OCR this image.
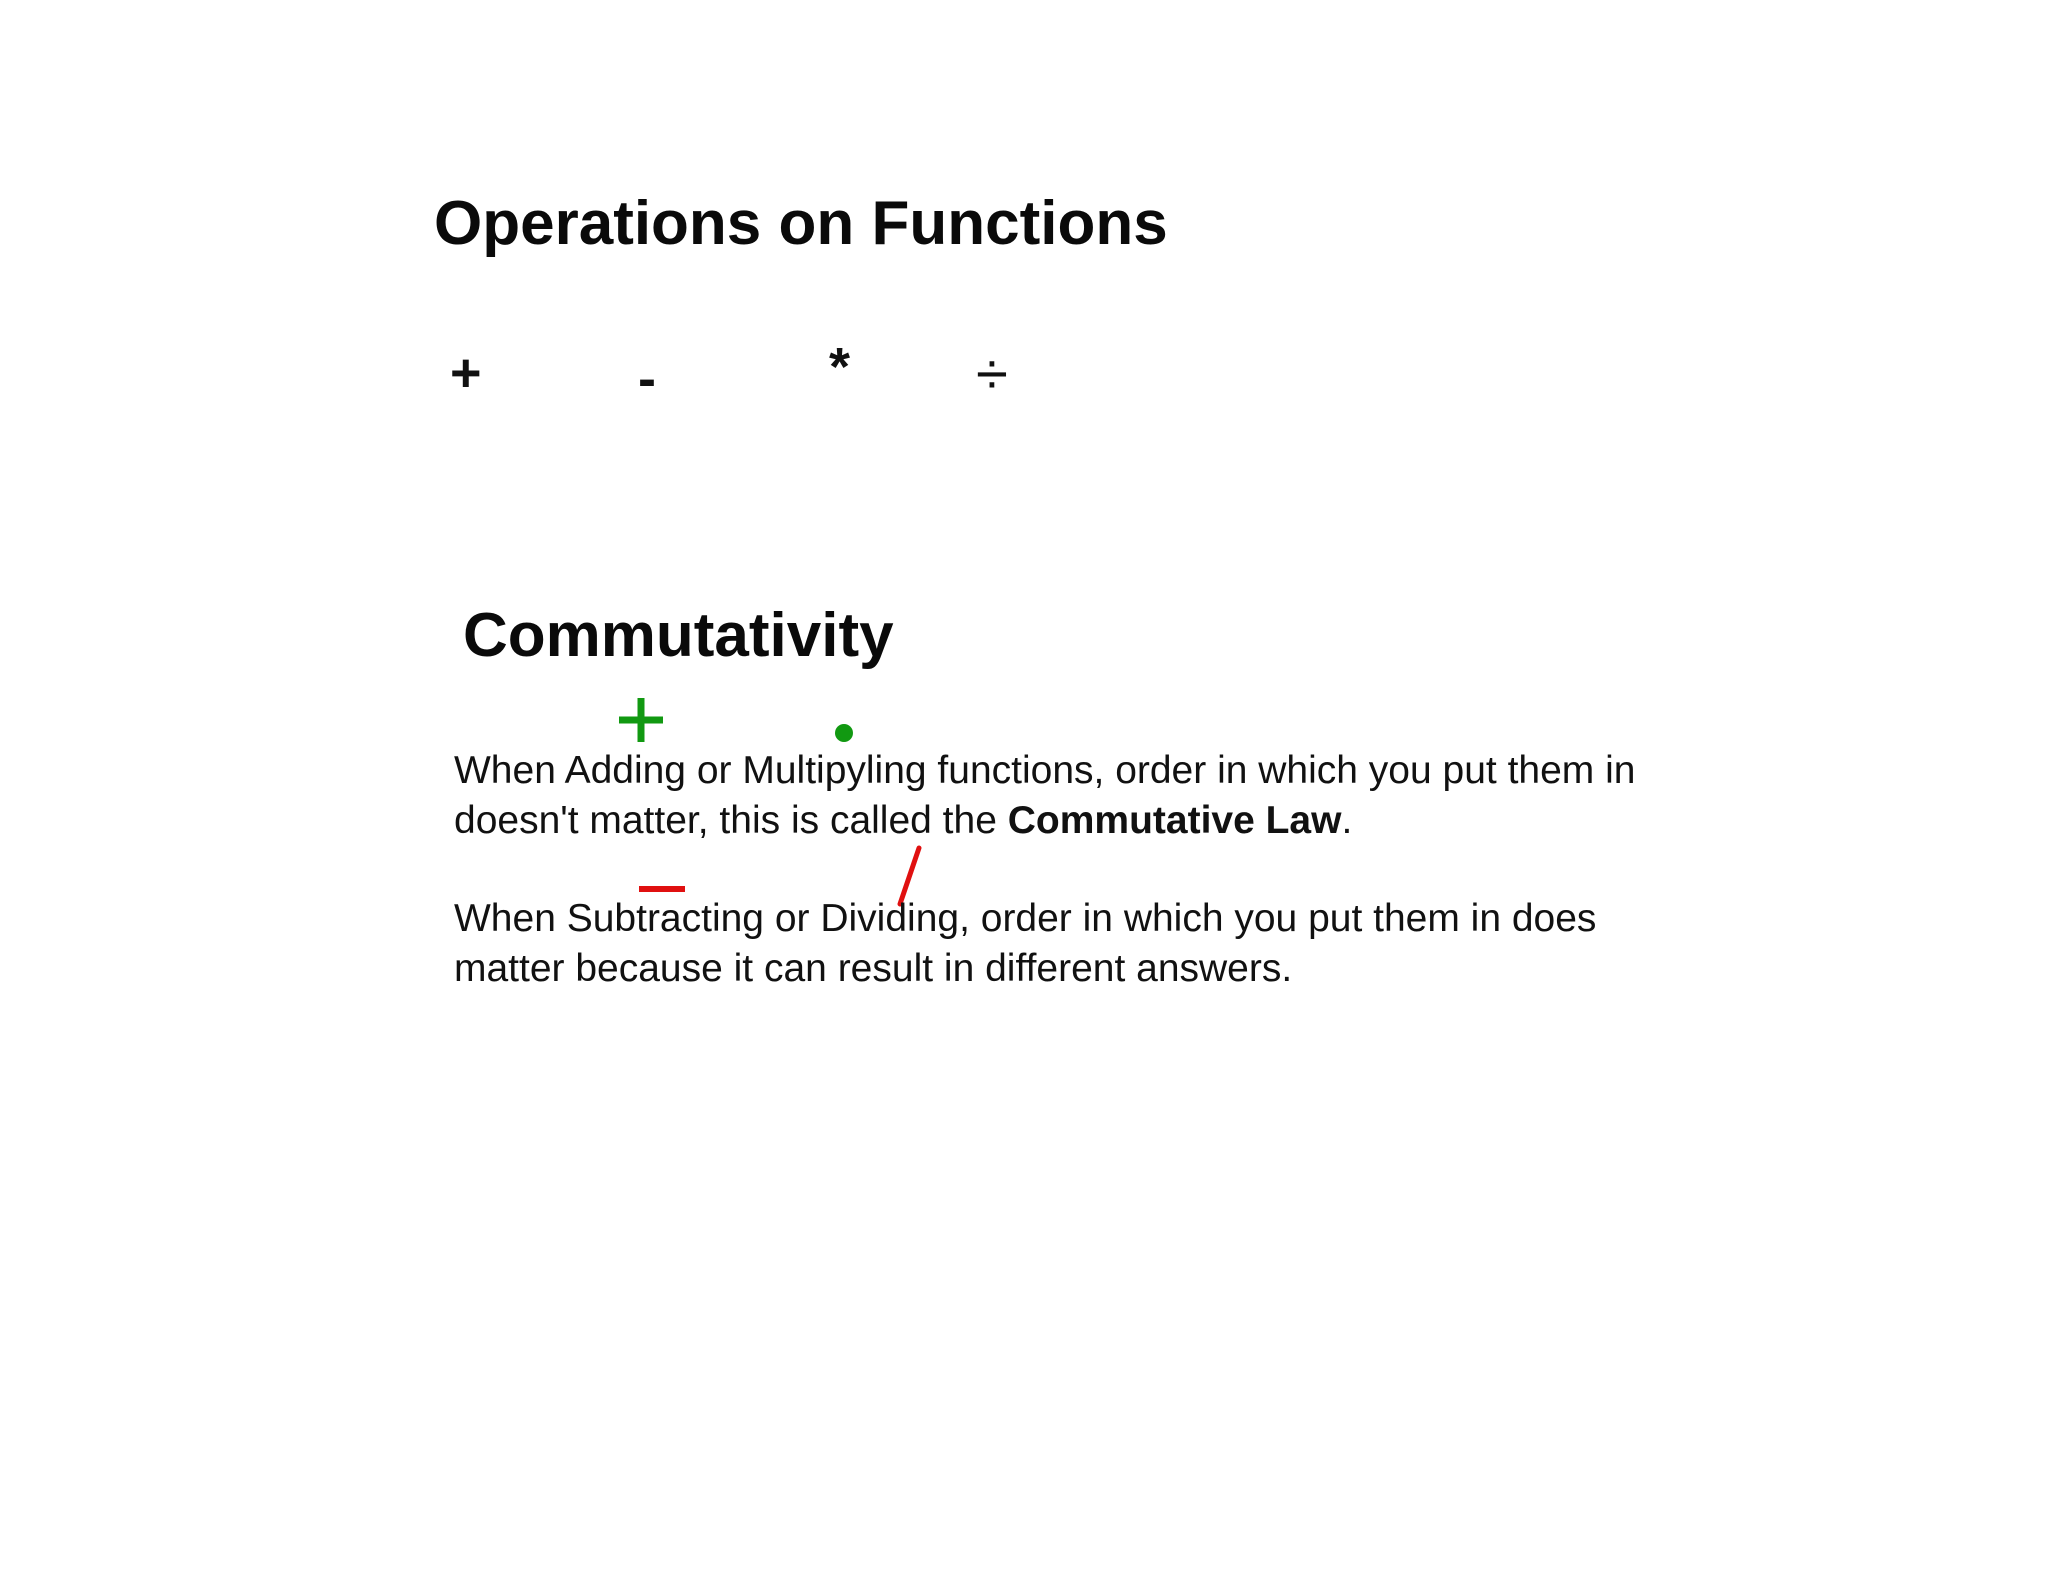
Operations on Functions
+	-	* ÷
Commutativity
When Adding or Multipyling functions, order in which you put them in doesn't matter, this is called the Commutative Law.
When Subtracting or Dividing, order in which you put them in does matter because it can result in different answers.
